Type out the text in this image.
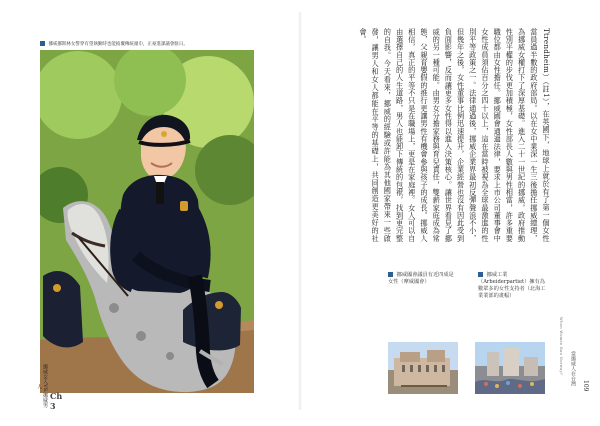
挪威挪斯林女警穿有望執勤時也能披覆傳統頭巾，正豪進課議會駐日。
挪威女人VS.挪威男人
Ch 3

Ttrendheim）（註1），在英國下，地球上就於有了第一個女性當員過半數的政府部局。以在女中業深一生三後擔任挪威總理，為挪威女權打下了深厚基礎。進入二十一世紀的挪威，政府推動性別平權的步伐更加積極，女性部長人數與男性相當，許多重要職位都由女性擔任。挪威國會通過法律，要求上市公司董事會中女性成員須佔百分之四十以上，這在當時被視為全球最激進的性別平等政策之一。法律通過後，挪威企業界最初反彈聲浪不小，但幾年之後，女性董事比例迅速提升，企業經營也沒有因此受到負面影響，反而讓更多女性得以進入決策核心。讓世界看見了挪威的另一種可能。由男女分擔家務與育兒責任，雙薪家庭成為常態，父親育嬰假的推行更讓男性有機會參與孩子的成長。挪威人相信，真正的平等不只是在職場上，更是在家庭裡。女人可以自由選擇自己的人生道路，男人也能卸下傳統的包袱，找到更完整的自我。今天看來，挪威的經驗或許能為其他國家帶來一些啟發，讓男人和女人都能在平等的基礎上，共同創造更美好的社會。

挪威國會議員有近四成是女性（摩威國會）
挪威工業（Arbeiderpartiet）擁有為數眾多的女性支持者（北海工業業部的畫幅）
When Women Run Norway?	當挪威人在台灣
109
